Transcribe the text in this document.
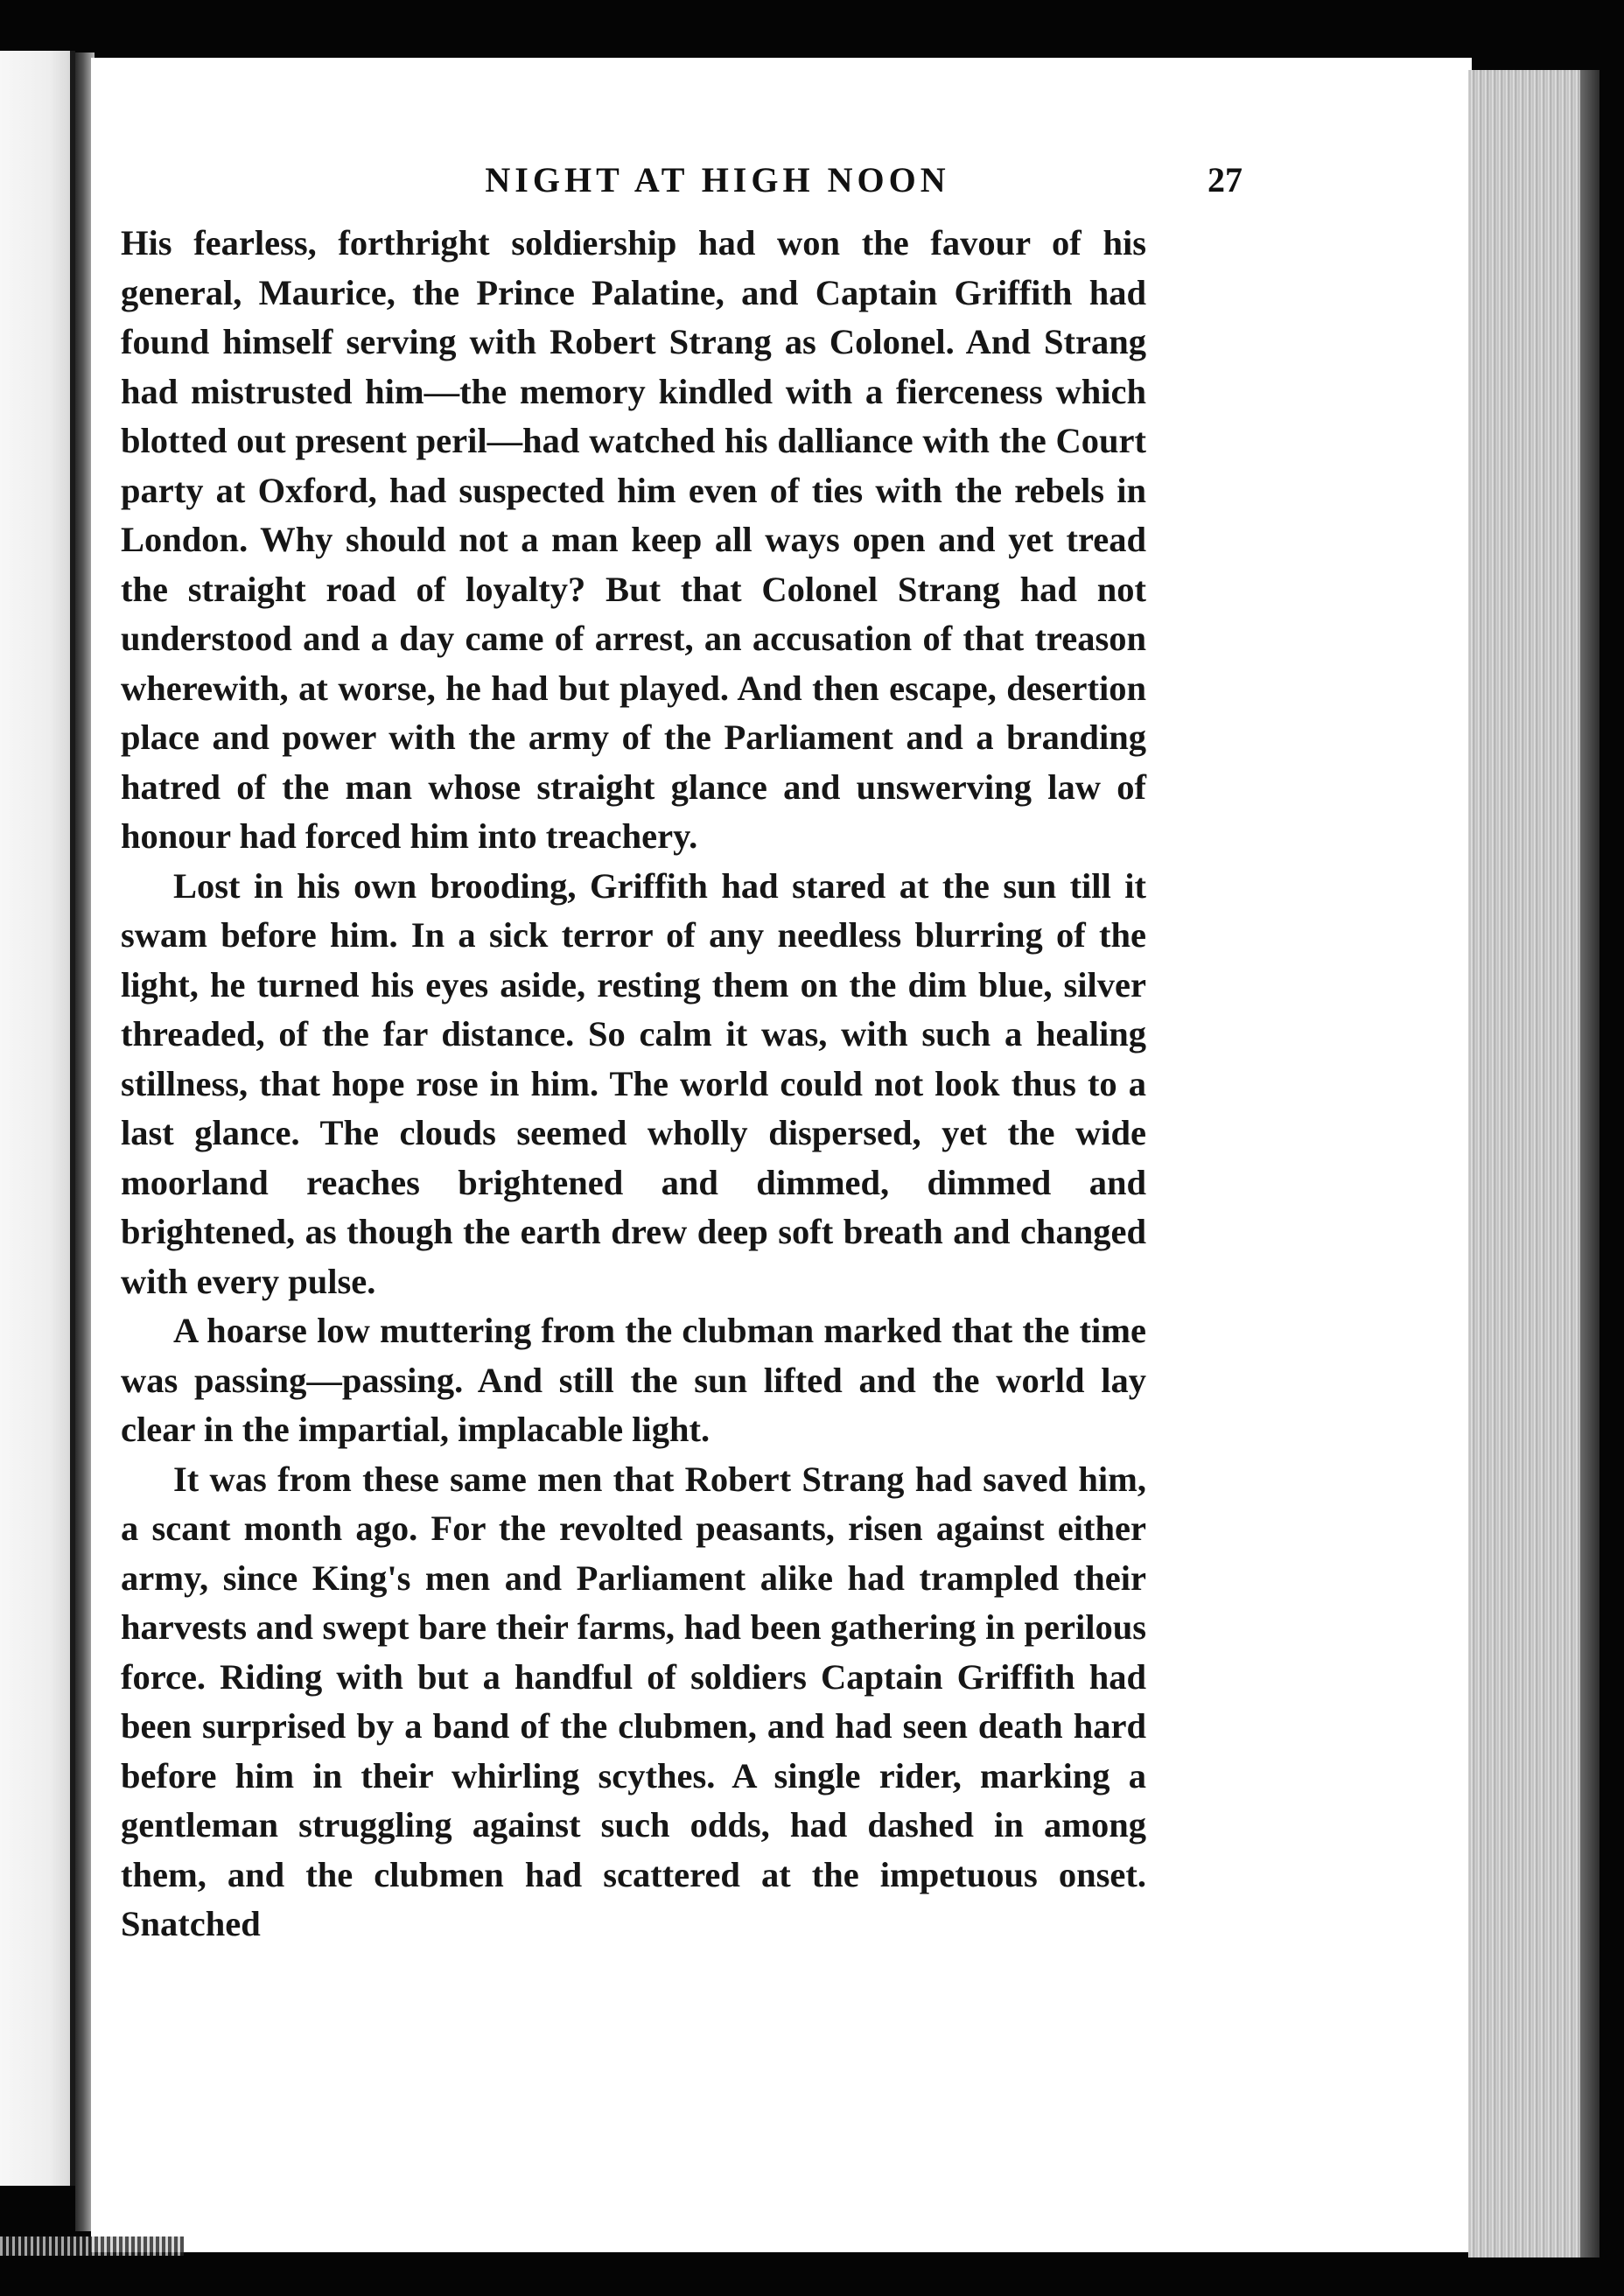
NIGHT AT HIGH NOON	27

His fearless, forthright soldiership had won the favour of his general, Maurice, the Prince Palatine, and Captain Griffith had found himself serving with Robert Strang as Colonel. And Strang had mistrusted him—the memory kindled with a fierceness which blotted out present peril—had watched his dalliance with the Court party at Oxford, had suspected him even of ties with the rebels in London. Why should not a man keep all ways open and yet tread the straight road of loyalty? But that Colonel Strang had not understood and a day came of arrest, an accusation of that treason wherewith, at worse, he had but played. And then escape, desertion place and power with the army of the Parliament and a branding hatred of the man whose straight glance and unswerving law of honour had forced him into treachery.

Lost in his own brooding, Griffith had stared at the sun till it swam before him. In a sick terror of any needless blurring of the light, he turned his eyes aside, resting them on the dim blue, silver threaded, of the far distance. So calm it was, with such a healing stillness, that hope rose in him. The world could not look thus to a last glance. The clouds seemed wholly dispersed, yet the wide moorland reaches brightened and dimmed, dimmed and brightened, as though the earth drew deep soft breath and changed with every pulse.

A hoarse low muttering from the clubman marked that the time was passing—passing. And still the sun lifted and the world lay clear in the impartial, implacable light.

It was from these same men that Robert Strang had saved him, a scant month ago. For the revolted peasants, risen against either army, since King's men and Parliament alike had trampled their harvests and swept bare their farms, had been gathering in perilous force. Riding with but a handful of soldiers Captain Griffith had been surprised by a band of the clubmen, and had seen death hard before him in their whirling scythes. A single rider, marking a gentleman struggling against such odds, had dashed in among them, and the clubmen had scattered at the impetuous onset. Snatched
